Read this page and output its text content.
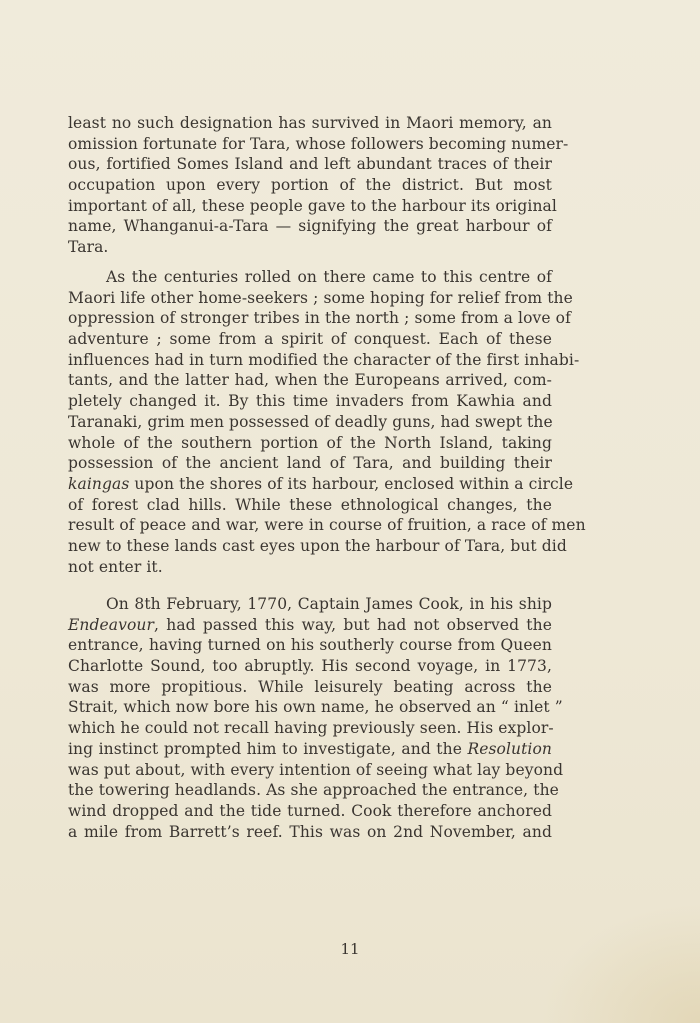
least no such designation has survived in Maori memory, an
omission fortunate for Tara, whose followers becoming numer-
ous, fortified Somes Island and left abundant traces of their
occupation upon every portion of the district. But most
important of all, these people gave to the harbour its original
name, Whanganui-a-Tara — signifying the great harbour of
Tara.
As the centuries rolled on there came to this centre of
Maori life other home-seekers ; some hoping for relief from the
oppression of stronger tribes in the north ; some from a love of
adventure ; some from a spirit of conquest. Each of these
influences had in turn modified the character of the first inhabi-
tants, and the latter had, when the Europeans arrived, com-
pletely changed it. By this time invaders from Kawhia and
Taranaki, grim men possessed of deadly guns, had swept the
whole of the southern portion of the North Island, taking
possession of the ancient land of Tara, and building their
kaingas upon the shores of its harbour, enclosed within a circle
of forest clad hills. While these ethnological changes, the
result of peace and war, were in course of fruition, a race of men
new to these lands cast eyes upon the harbour of Tara, but did
not enter it.
On 8th February, 1770, Captain James Cook, in his ship
Endeavour, had passed this way, but had not observed the
entrance, having turned on his southerly course from Queen
Charlotte Sound, too abruptly. His second voyage, in 1773,
was more propitious. While leisurely beating across the
Strait, which now bore his own name, he observed an “ inlet ”
which he could not recall having previously seen. His explor-
ing instinct prompted him to investigate, and the Resolution
was put about, with every intention of seeing what lay beyond
the towering headlands. As she approached the entrance, the
wind dropped and the tide turned. Cook therefore anchored
a mile from Barrett’s reef. This was on 2nd November, and
11
